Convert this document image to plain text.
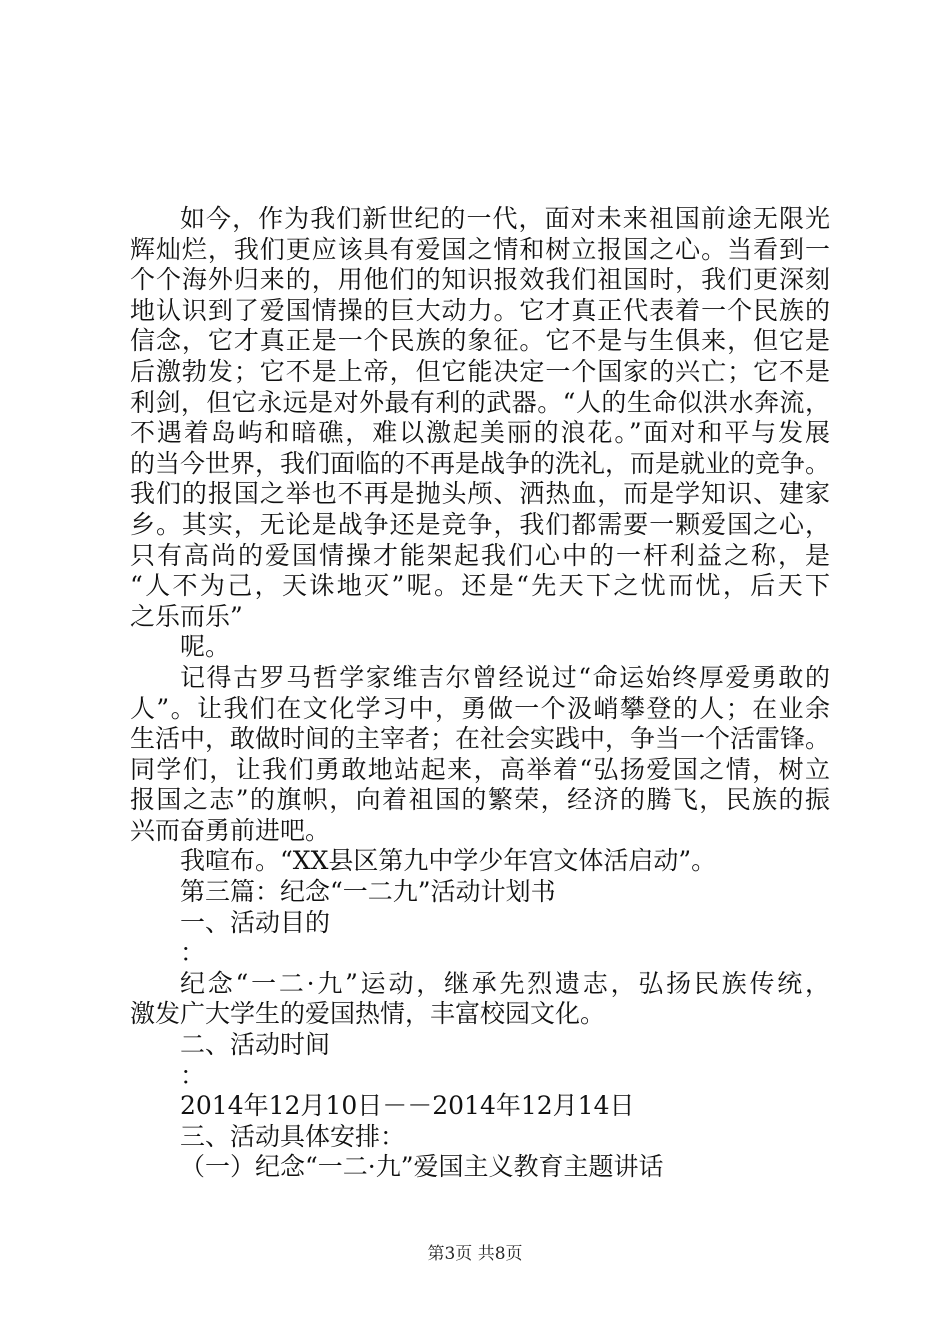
如今，作为我们新世纪的一代，面对未来祖国前途无限光
辉灿烂，我们更应该具有爱国之情和树立报国之心。当看到一
个个海外归来的，用他们的知识报效我们祖国时，我们更深刻
地认识到了爱国情操的巨大动力。它才真正代表着一个民族的
信念，它才真正是一个民族的象征。它不是与生俱来，但它是
后激勃发；它不是上帝，但它能决定一个国家的兴亡；它不是
利剑，但它永远是对外最有利的武器。“人的生命似洪水奔流，
不遇着岛屿和暗礁，难以激起美丽的浪花。”面对和平与发展
的当今世界，我们面临的不再是战争的洗礼，而是就业的竞争。
我们的报国之举也不再是抛头颅、洒热血，而是学知识、建家
乡。其实，无论是战争还是竞争，我们都需要一颗爱国之心，
只有高尚的爱国情操才能架起我们心中的一杆利益之称，是
“人不为己，天诛地灭”呢。还是“先天下之忧而忧，后天下
之乐而乐”
呢。
记得古罗马哲学家维吉尔曾经说过“命运始终厚爱勇敢的
人”。让我们在文化学习中，勇做一个汲峭攀登的人；在业余
生活中，敢做时间的主宰者；在社会实践中，争当一个活雷锋。
同学们，让我们勇敢地站起来，高举着“弘扬爱国之情，树立
报国之志”的旗帜，向着祖国的繁荣，经济的腾飞，民族的振
兴而奋勇前进吧。
我喧布。“XX县区第九中学少年宫文体活启动”。
第三篇：纪念“一二九”活动计划书
一、活动目的
：
纪念“一二·九”运动，继承先烈遗志，弘扬民族传统，
激发广大学生的爱国热情，丰富校园文化。
二、活动时间
：
2014年12月10日－－2014年12月14日
三、活动具体安排：
（一）纪念“一二·九”爱国主义教育主题讲话
第3页 共8页
